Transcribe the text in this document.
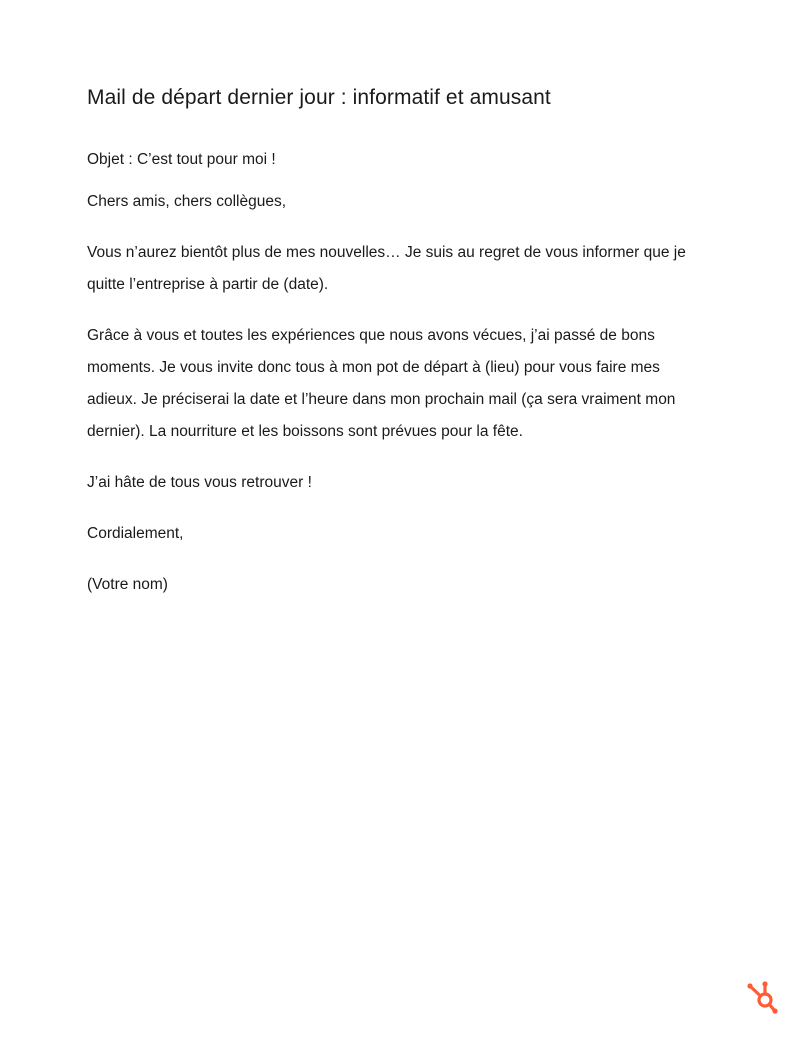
Mail de départ dernier jour : informatif et amusant

Objet : C’est tout pour moi !

Chers amis, chers collègues,

Vous n’aurez bientôt plus de mes nouvelles… Je suis au regret de vous informer que je quitte l’entreprise à partir de (date).

Grâce à vous et toutes les expériences que nous avons vécues, j’ai passé de bons moments. Je vous invite donc tous à mon pot de départ à (lieu) pour vous faire mes adieux. Je préciserai la date et l’heure dans mon prochain mail (ça sera vraiment mon dernier). La nourriture et les boissons sont prévues pour la fête.

J’ai hâte de tous vous retrouver !

Cordialement,

(Votre nom)
